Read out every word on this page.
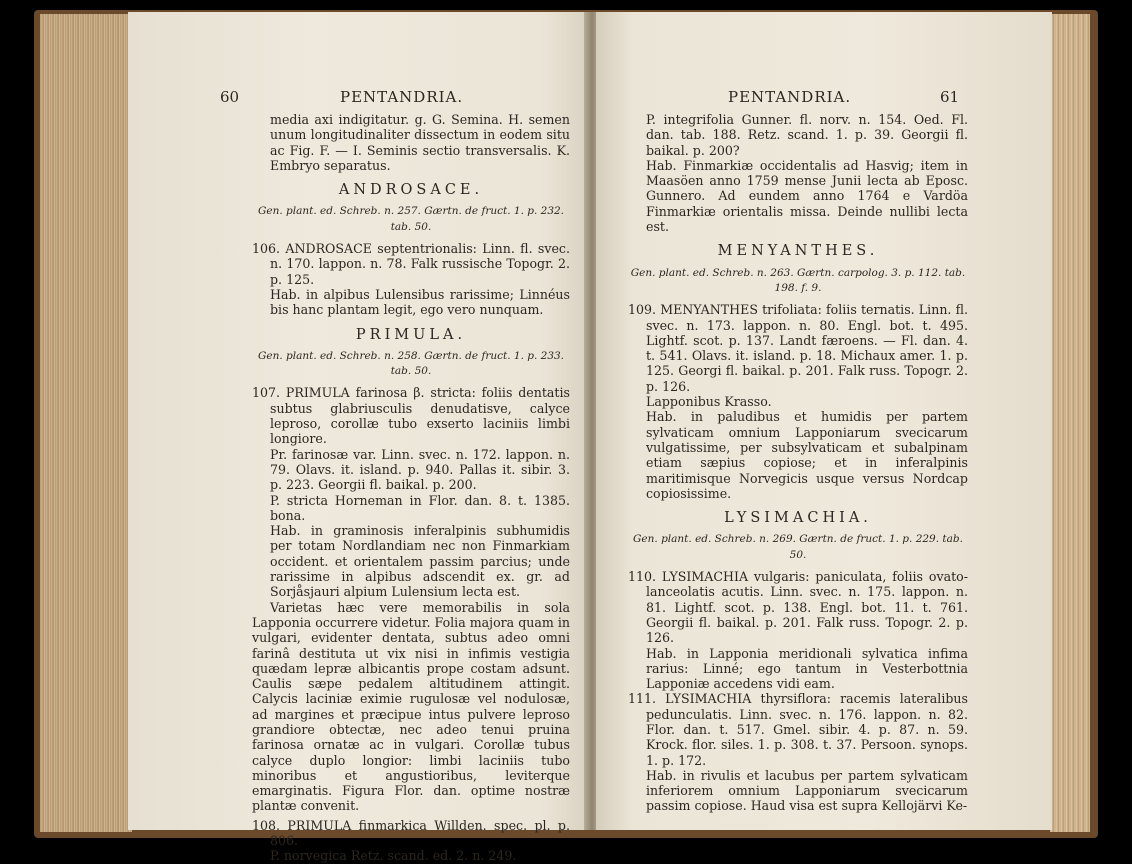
60	PENTANDRIA.

media axi indigitatur. g. G. Semina. H. semen unum longitudinaliter dissectum in eodem situ ac Fig. F. — I. Seminis sectio transversalis. K. Embryo separatus.

ANDROSACE.

Gen. plant. ed. Schreb. n. 257. Gærtn. de fruct. 1. p. 232. tab. 50.

106. ANDROSACE septentrionalis: Linn. fl. svec. n. 170. lappon. n. 78. Falk russische Topogr. 2. p. 125.

Hab. in alpibus Lulensibus rarissime; Linnéus bis hanc plantam legit, ego vero nunquam.

PRIMULA.

Gen. plant. ed. Schreb. n. 258. Gærtn. de fruct. 1. p. 233. tab. 50.

107. PRIMULA farinosa β. stricta: foliis dentatis subtus glabriusculis denudatisve, calyce leproso, corollæ tubo exserto laciniis limbi longiore.

Pr. farinosæ var. Linn. svec. n. 172. lappon. n. 79. Olavs. it. island. p. 940. Pallas it. sibir. 3. p. 223. Georgii fl. baikal. p. 200.

P. stricta Horneman in Flor. dan. 8. t. 1385. bona.

Hab. in graminosis inferalpinis subhumidis per totam Nordlandiam nec non Finmarkiam occident. et orientalem passim parcius; unde rarissime in alpibus adscendit ex. gr. ad Sorjåsjauri alpium Lulensium lecta est.

Varietas hæc vere memorabilis in sola Lapponia occurrere videtur. Folia majora quam in vulgari, evidenter dentata, subtus adeo omni farinâ destituta ut vix nisi in infimis vestigia quædam lepræ albicantis prope costam adsunt. Caulis sæpe pedalem altitudinem attingit. Calycis laciniæ eximie rugulosæ vel nodulosæ, ad margines et præcipue intus pulvere leproso grandiore obtectæ, nec adeo tenui pruina farinosa ornatæ ac in vulgari. Corollæ tubus calyce duplo longior: limbi laciniis tubo minoribus et angustioribus, leviterque emarginatis. Figura Flor. dan. optime nostræ plantæ convenit.

108. PRIMULA finmarkica Willden. spec. pl. p. 806.

P. norvegica Retz. scand. ed. 2. n. 249.

PENTANDRIA.	61

P. integrifolia Gunner. fl. norv. n. 154. Oed. Fl. dan. tab. 188. Retz. scand. 1. p. 39. Georgii fl. baikal. p. 200?

Hab. Finmarkiæ occidentalis ad Hasvig; item in Maasöen anno 1759 mense Junii lecta ab Eposc. Gunnero. Ad eundem anno 1764 e Vardöa Finmarkiæ orientalis missa. Deinde nullibi lecta est.

MENYANTHES.

Gen. plant. ed. Schreb. n. 263. Gærtn. carpolog. 3. p. 112. tab. 198. f. 9.

109. MENYANTHES trifoliata: foliis ternatis. Linn. fl. svec. n. 173. lappon. n. 80. Engl. bot. t. 495. Lightf. scot. p. 137. Landt færoens. — Fl. dan. 4. t. 541. Olavs. it. island. p. 18. Michaux amer. 1. p. 125. Georgi fl. baikal. p. 201. Falk russ. Topogr. 2. p. 126.

Lapponibus Krasso.

Hab. in paludibus et humidis per partem sylvaticam omnium Lapponiarum svecicarum vulgatissime, per subsylvaticam et subalpinam etiam sæpius copiose; et in inferalpinis maritimisque Norvegicis usque versus Nordcap copiosissime.

LYSIMACHIA.

Gen. plant. ed. Schreb. n. 269. Gærtn. de fruct. 1. p. 229. tab. 50.

110. LYSIMACHIA vulgaris: paniculata, foliis ovato-lanceolatis acutis. Linn. svec. n. 175. lappon. n. 81. Lightf. scot. p. 138. Engl. bot. 11. t. 761. Georgii fl. baikal. p. 201. Falk russ. Topogr. 2. p. 126.

Hab. in Lapponia meridionali sylvatica infima rarius: Linné; ego tantum in Vesterbottnia Lapponiæ accedens vidi eam.

111. LYSIMACHIA thyrsiflora: racemis lateralibus pedunculatis. Linn. svec. n. 176. lappon. n. 82. Flor. dan. t. 517. Gmel. sibir. 4. p. 87. n. 59. Krock. flor. siles. 1. p. 308. t. 37. Persoon. synops. 1. p. 172.

Hab. in rivulis et lacubus per partem sylvaticam inferiorem omnium Lapponiarum svecicarum passim copiose. Haud visa est supra Kellojärvi Ke-
